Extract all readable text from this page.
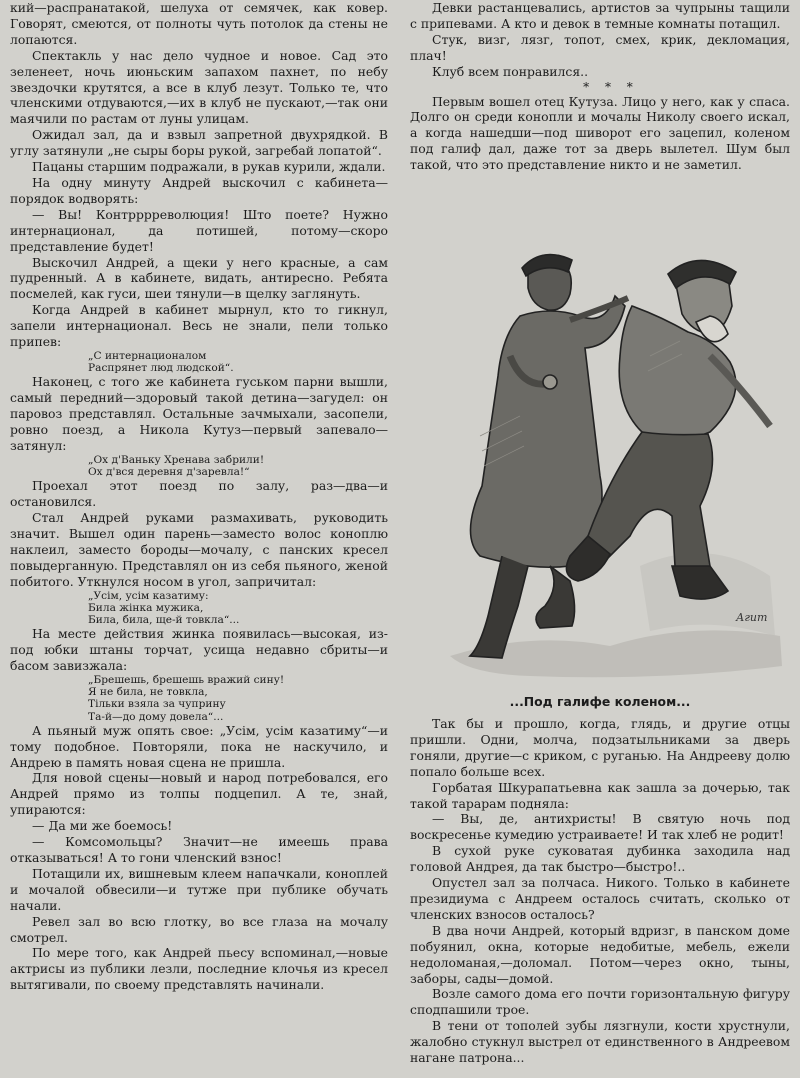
кий—распранатакой, шелуха от семячек, как ковер. Говорят, смеются, от полноты чуть потолок да стены не лопаются.

Спектакль у нас дело чудное и новое. Сад это зеленеет, ночь июньским запахом пахнет, по небу звездочки крутятся, а все в клуб лезут. Только те, что членскими отдуваются,—их в клуб не пускают,—так они маячили по растам от луны улицам.

Ожидал зал, да и взвыл запретной двухрядкой. В углу затянули „не сыры боры рукой, загребай лопатой“.

Пацаны старшим подражали, в рукав курили, ждали.

На одну минуту Андрей выскочил с кабинета—порядок водворять:

— Вы! Контрррреволюция! Што поете? Нужно интернационал, да потишей, потому—скоро представление будет!

Выскочил Андрей, а щеки у него красные, а сам пудренный. А в кабинете, видать, антиресно. Ребята посмелей, как гуси, шеи тянули—в щелку заглянуть.

Когда Андрей в кабинет мырнул, кто то гикнул, запели интернационал. Весь не знали, пели только припев:

„С интернационалом
Распрянет люд людской“.

Наконец, с того же кабинета гуськом парни вышли, самый передний—здоровый такой детина—загудел: он паровоз представлял. Остальные зачмыхали, засопели, ровно поезд, а Никола Кутуз—первый запевало—затянул:

„Ох д'Ваньку Хренава забрили!
Ох д'вся деревня д'заревла!“

Проехал этот поезд по залу, раз—два—и остановился.

Стал Андрей руками размахивать, руководить значит. Вышел один парень—заместо волос коноплю наклеил, заместо бороды—мочалу, с панских кресел повыдерганную. Представлял он из себя пьяного, женой побитого. Уткнулся носом в угол, запричитал:

„Усім, усім казатиму:
Била жінка мужика,
Била, била, ще-й товкла“...

На месте действия жинка появилась—высокая, из-под юбки штаны торчат, усища недавно сбриты—и басом завизжала:

„Брешешь, брешешь вражий сину!
Я не била, не товкла,
Тільки взяла за чуприну
Та-й—до дому довела“...

А пьяный муж опять свое: „Усім, усім казатиму“—и тому подобное. Повторяли, пока не наскучило, и Андрею в память новая сцена не пришла.

Для новой сцены—новый и народ потребовался, его Андрей прямо из толпы подцепил. А те, знай, упираются:

— Да ми же боемось!

— Комсомольцы? Значит—не имеешь права отказываться! А то гони членский взнос!

Потащили их, вишневым клеем напачкали, коноплей и мочалой обвесили—и тутже при публике обучать начали.

Ревел зал во всю глотку, во все глаза на мочалу смотрел.

По мере того, как Андрей пьесу вспоминал,—новые актрисы из публики лезли, последние клочья из кресел вытягивали, по своему представлять начинали.

Девки растанцевались, артистов за чупрыны тащили с припевами. А кто и девок в темные комнаты потащил.

Стук, визг, лязг, топот, смех, крик, декломация, плач!

Клуб всем понравился..

* * *

Первым вошел отец Кутуза. Лицо у него, как у спаса. Долго он среди конопли и мочалы Николу своего искал, а когда нашедши—под шиворот его зацепил, коленом под галиф дал, даже тот за дверь вылетел. Шум был такой, что это представление никто и не заметил.

Агит
...Под галифе коленом...

Так бы и прошло, когда, глядь, и другие отцы пришли. Одни, молча, подзатыльниками за дверь гоняли, другие—с криком, с руганью. На Андрееву долю попало больше всех.

Горбатая Шкурапатьевна как зашла за дочерью, так такой тарарам подняла:

— Вы, де, антихристы! В святую ночь под воскресенье кумедию устраиваете! И так хлеб не родит!

В сухой руке суковатая дубинка заходила над головой Андрея, да так быстро—быстро!..

Опустел зал за полчаса. Никого. Только в кабинете президиума с Андреем осталось считать, сколько от членских взносов осталось?

В два ночи Андрей, который вдризг, в панском доме побуянил, окна, которые недобитые, мебель, ежели недоломаная,—доломал. Потом—через окно, тыны, заборы, сады—домой.

Возле самого дома его почти горизонтальную фигуру сподпашили трое.

В тени от тополей зубы лязгнули, кости хрустнули, жалобно стукнул выстрел от единственного в Андреевом нагане патрона...
